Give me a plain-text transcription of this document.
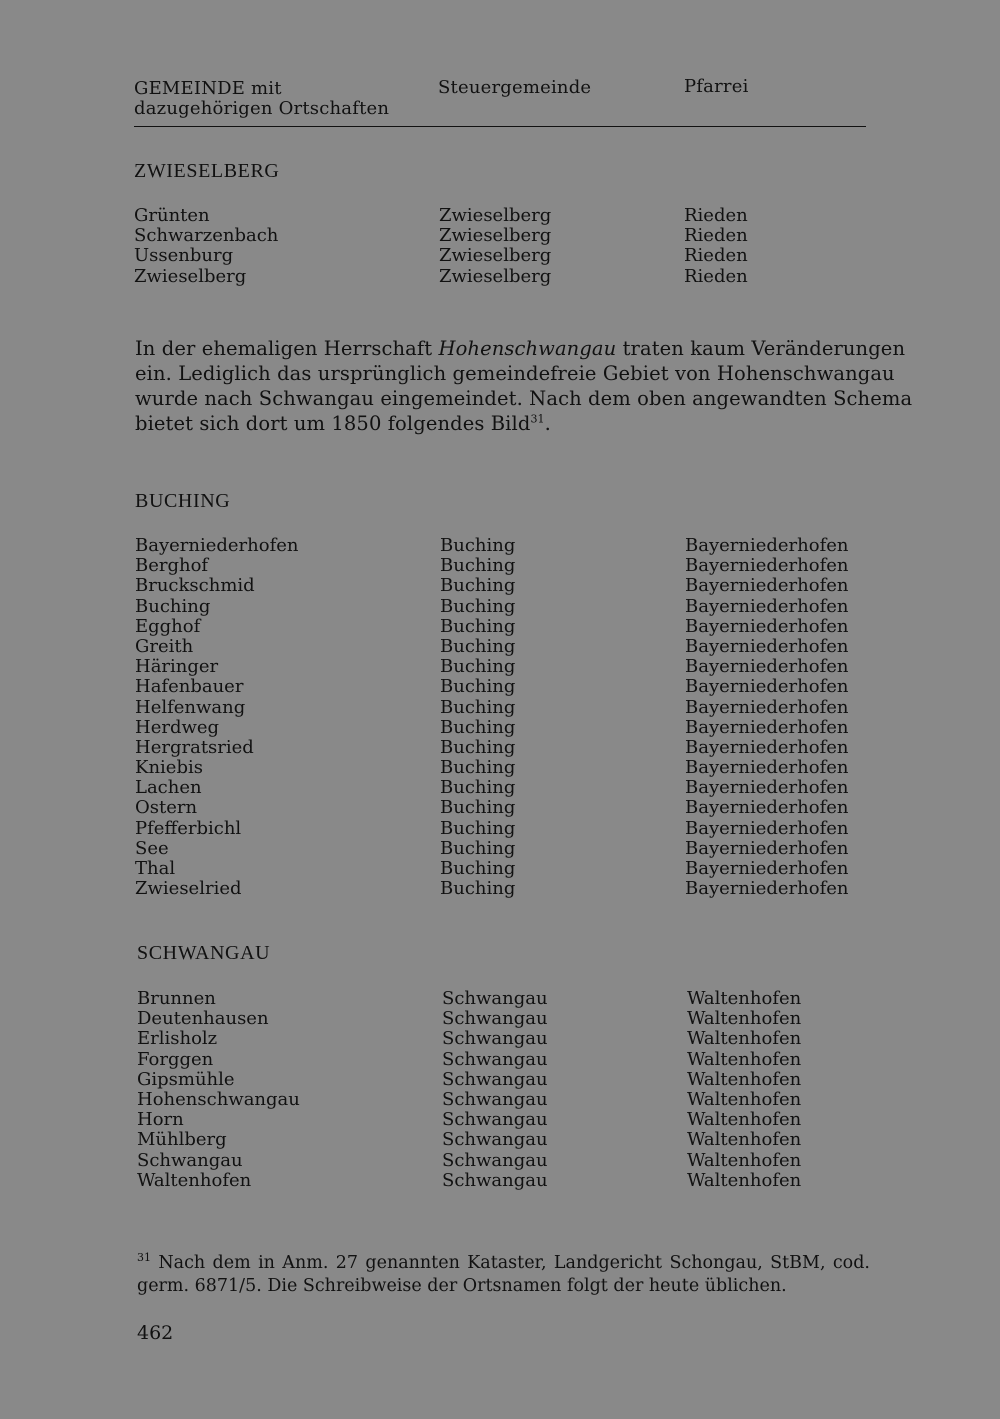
GEMEINDE mit
dazugehörigen Ortschaften
Steuergemeinde	Pfarrei
ZWIESELBERG
Grünten	Zwieselberg	Rieden
Schwarzenbach	Zwieselberg	Rieden
Ussenburg	Zwieselberg	Rieden
Zwieselberg	Zwieselberg	Rieden
In der ehemaligen Herrschaft Hohenschwangau traten kaum Veränderungen
ein. Lediglich das ursprünglich gemeindefreie Gebiet von Hohenschwangau
wurde nach Schwangau eingemeindet. Nach dem oben angewandten Schema
bietet sich dort um 1850 folgendes Bild$^{31}$.
BUCHING
Bayerniederhofen	Buching	Bayerniederhofen
Berghof	Buching	Bayerniederhofen
Bruckschmid	Buching	Bayerniederhofen
Buching	Buching	Bayerniederhofen
Egghof	Buching	Bayerniederhofen
Greith	Buching	Bayerniederhofen
Häringer	Buching	Bayerniederhofen
Hafenbauer	Buching	Bayerniederhofen
Helfenwang	Buching	Bayerniederhofen
Herdweg	Buching	Bayerniederhofen
Hergratsried	Buching	Bayerniederhofen
Kniebis	Buching	Bayerniederhofen
Lachen	Buching	Bayerniederhofen
Ostern	Buching	Bayerniederhofen
Pfefferbichl	Buching	Bayerniederhofen
See	Buching	Bayerniederhofen
Thal	Buching	Bayerniederhofen
Zwieselried	Buching	Bayerniederhofen
SCHWANGAU
Brunnen	Schwangau	Waltenhofen
Deutenhausen	Schwangau	Waltenhofen
Erlisholz	Schwangau	Waltenhofen
Forggen	Schwangau	Waltenhofen
Gipsmühle	Schwangau	Waltenhofen
Hohenschwangau	Schwangau	Waltenhofen
Horn	Schwangau	Waltenhofen
Mühlberg	Schwangau	Waltenhofen
Schwangau	Schwangau	Waltenhofen
Waltenhofen	Schwangau	Waltenhofen
$^{31}$ Nach dem in Anm. 27 genannten Kataster, Landgericht Schongau, StBM, cod.
germ. 6871/5. Die Schreibweise der Ortsnamen folgt der heute üblichen.
462
